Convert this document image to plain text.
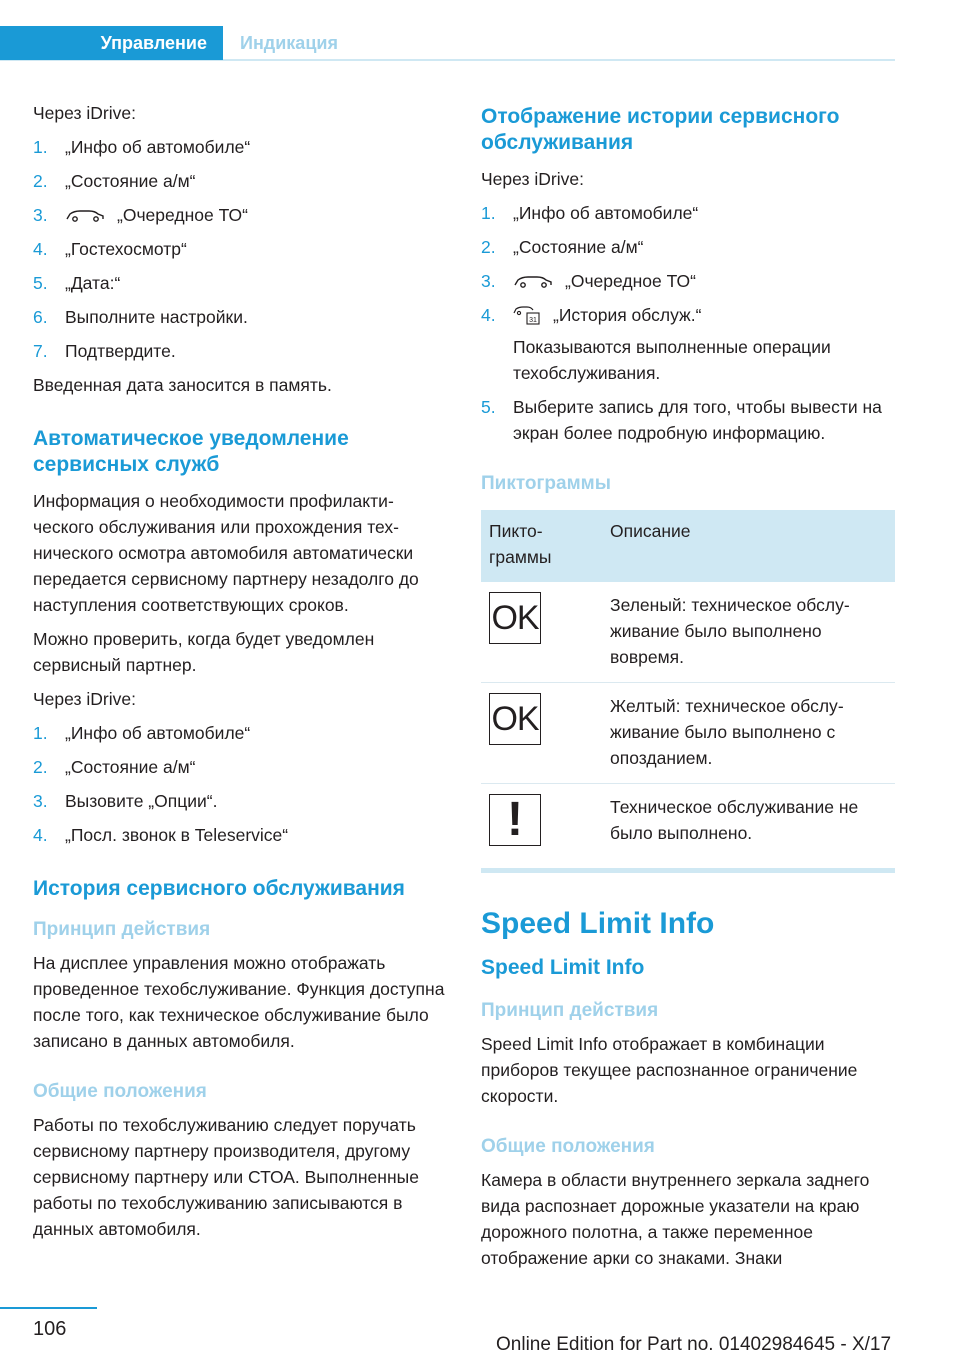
Управление Индикация

Через iDrive:

1. „Инфо об автомобиле“
2. „Состояние а/м“
3.	„Очередное ТО“
4. „Гостехосмотр“
5. „Дата:“
6. Выполните настройки.
7. Подтвердите.

Введенная дата заносится в память.

Автоматическое уведомление сервисных служб

Информация о необходимости профилактического обслуживания или прохождения технического осмотра автомобиля автоматически передается сервисному партнеру незадолго до наступления соответствующих сроков.

Можно проверить, когда будет уведомлен сервисный партнер.

Через iDrive:

1. „Инфо об автомобиле“
2. „Состояние а/м“
3. Вызовите „Опции“.
4. „Посл. звонок в Teleservice“
История сервисного обслуживания
Принцип действия

На дисплее управления можно отображать проведенное техобслуживание. Функция доступна после того, как техническое обслуживание было записано в данных автомобиля.

Общие положения

Работы по техобслуживанию следует поручать сервисному партнеру производителя, другому сервисному партнеру или СТОА. Выполненные работы по техобслуживанию записываются в данных автомобиля.

Отображение истории сервисного обслуживания

Через iDrive:

1. „Инфо об автомобиле“
2. „Состояние а/м“
3.	„Очередное ТО“
4.	31 „История обслуж.“
Показываются выполненные операции техобслуживания.
5. Выберите запись для того, чтобы вывести на экран более подробную информацию.
Пиктограммы
Пиктограммы	Описание

OK	Зеленый: техническое обслуживание было выполнено вовремя.

OK	Желтый: техническое обслуживание было выполнено с опозданием.

!	Техническое обслуживание не было выполнено.
Speed Limit Info
Speed Limit Info
Принцип действия

Speed Limit Info отображает в комбинации приборов текущее распознанное ограничение скорости.

Общие положения

Камера в области внутреннего зеркала заднего вида распознает дорожные указатели на краю дорожного полотна, а также переменное отображение арки со знаками. Знаки

106
Online Edition for Part no. 01402984645 - X/17
